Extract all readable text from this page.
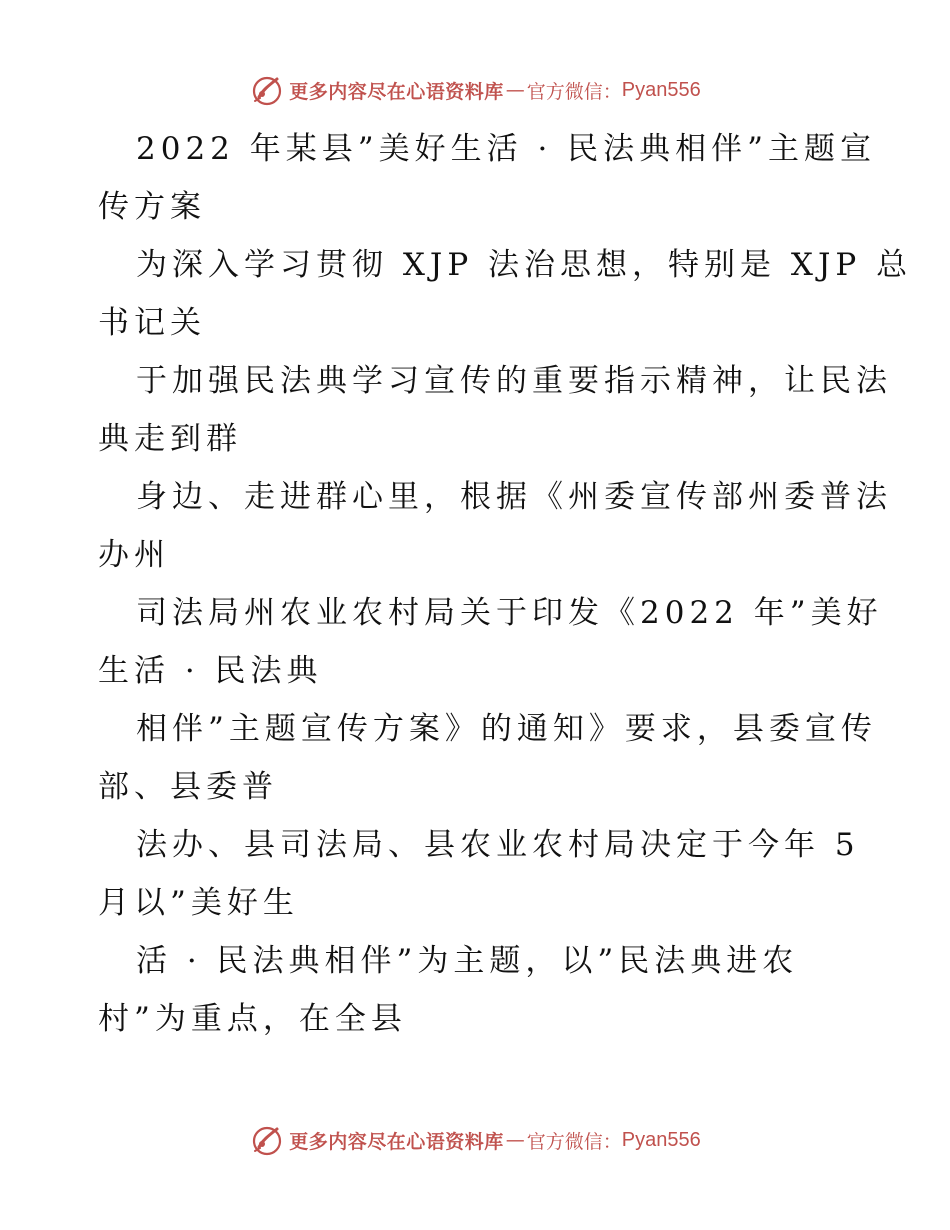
更多内容尽在心语资料库 — 官方微信： Pyan556
2022 年某县”美好生活 · 民法典相伴”主题宣
传方案
为深入学习贯彻 XJP 法治思想，特别是 XJP 总
书记关
于加强民法典学习宣传的重要指示精神，让民法
典走到群
身边、走进群心里，根据《州委宣传部州委普法
办州
司法局州农业农村局关于印发《2022 年”美好
生活 · 民法典
相伴”主题宣传方案》的通知》要求，县委宣传
部、县委普
法办、县司法局、县农业农村局决定于今年 5
月以”美好生
活 · 民法典相伴”为主题，以”民法典进农
村”为重点，在全县
更多内容尽在心语资料库 — 官方微信： Pyan556
